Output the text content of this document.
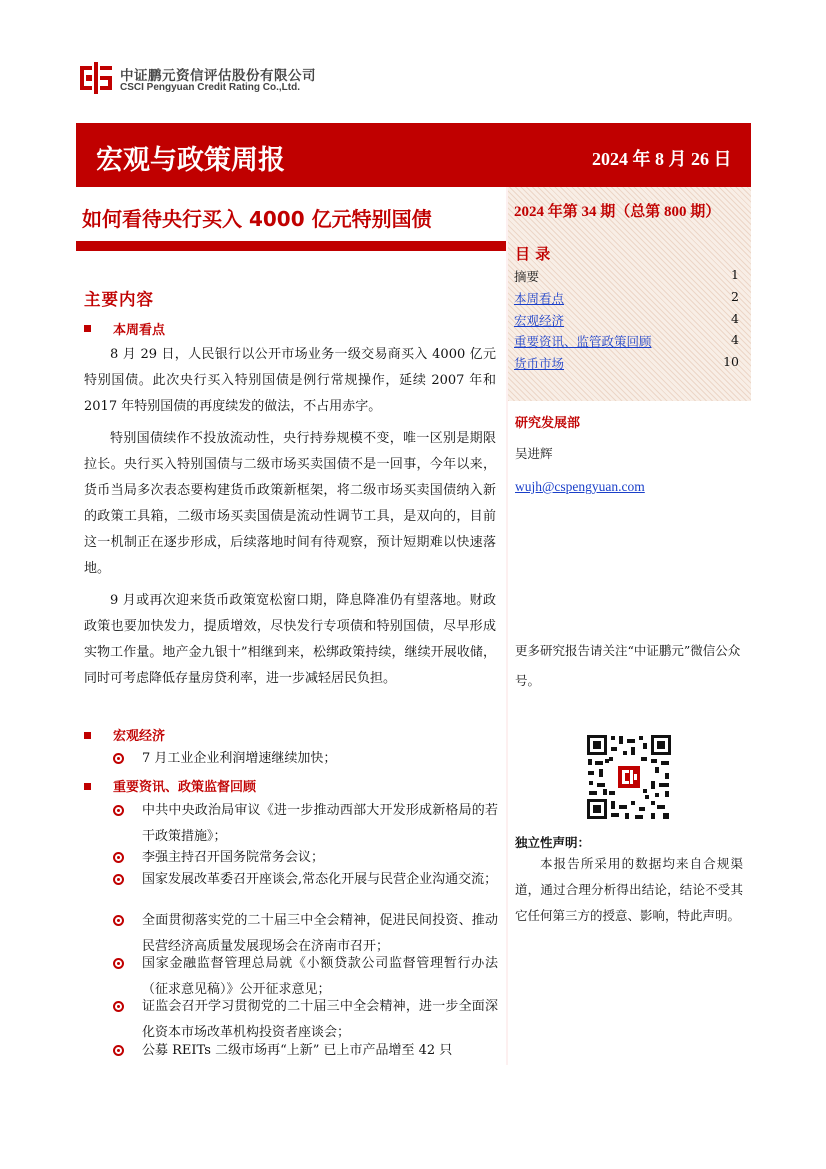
中证鹏元资信评估股份有限公司
CSCI Pengyuan Credit Rating Co.,Ltd.
宏观与政策周报	2024 年 8 月 26 日
如何看待央行买入 4000 亿元特别国债	2024 年第 34 期（总第 800 期）
目 录
摘要	1
本周看点	2
宏观经济	4
重要资讯、监管政策回顾	4
货币市场	10
研究发展部
吴进辉
wujh@cspengyuan.com
更多研究报告请关注“中证鹏元”微信公众号。
独立性声明：
本报告所采用的数据均来自合规渠道，通过合理分析得出结论，结论不受其它任何第三方的授意、影响，特此声明。
主要内容
本周看点

8 月 29 日，人民银行以公开市场业务一级交易商买入 4000 亿元特别国债。此次央行买入特别国债是例行常规操作，延续 2007 年和 2017 年特别国债的再度续发的做法，不占用赤字。

特别国债续作不投放流动性，央行持券规模不变，唯一区别是期限拉长。央行买入特别国债与二级市场买卖国债不是一回事，今年以来，货币当局多次表态要构建货币政策新框架，将二级市场买卖国债纳入新的政策工具箱，二级市场买卖国债是流动性调节工具，是双向的，目前这一机制正在逐步形成，后续落地时间有待观察，预计短期难以快速落地。

9 月或再次迎来货币政策宽松窗口期，降息降准仍有望落地。财政政策也要加快发力，提质增效，尽快发行专项债和特别国债，尽早形成实物工作量。地产金九银十”相继到来，松绑政策持续，继续开展收储，同时可考虑降低存量房贷利率，进一步减轻居民负担。

宏观经济
7 月工业企业利润增速继续加快；
重要资讯、政策监督回顾
中共中央政治局审议《进一步推动西部大开发形成新格局的若干政策措施》；
李强主持召开国务院常务会议；
国家发展改革委召开座谈会,常态化开展与民营企业沟通交流；
全面贯彻落实党的二十届三中全会精神，促进民间投资、推动民营经济高质量发展现场会在济南市召开；
国家金融监督管理总局就《小额贷款公司监督管理暂行办法（征求意见稿）》公开征求意见；
证监会召开学习贯彻党的二十届三中全会精神，进一步全面深化资本市场改革机构投资者座谈会；
公募 REITs 二级市场再“上新” 已上市产品增至 42 只
